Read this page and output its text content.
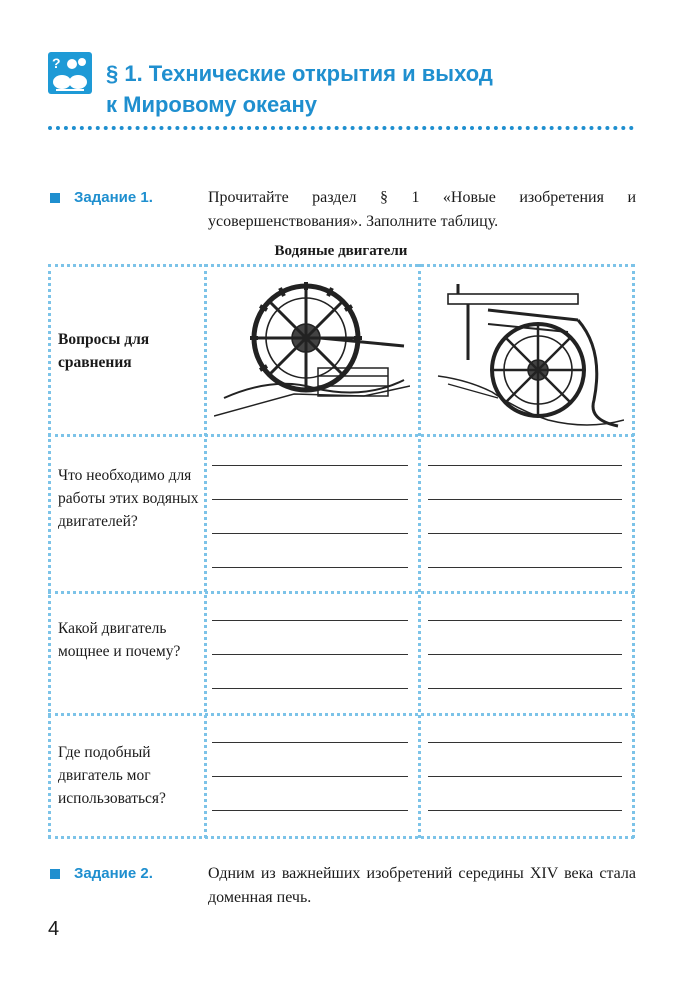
? § 1. Технические открытия и выход
к Мировому океану
Задание 1.	Прочитайте раздел § 1 «Новые изобретения и усовершенствования». Заполните таблицу.
Водяные двигатели
Вопросы для сравнения
Что необходимо для работы этих водяных двигателей?
Какой двигатель мощнее и почему?
Где подобный двигатель мог использоваться?
Задание 2.	Одним из важнейших изобретений середины XIV века стала доменная печь.
4
